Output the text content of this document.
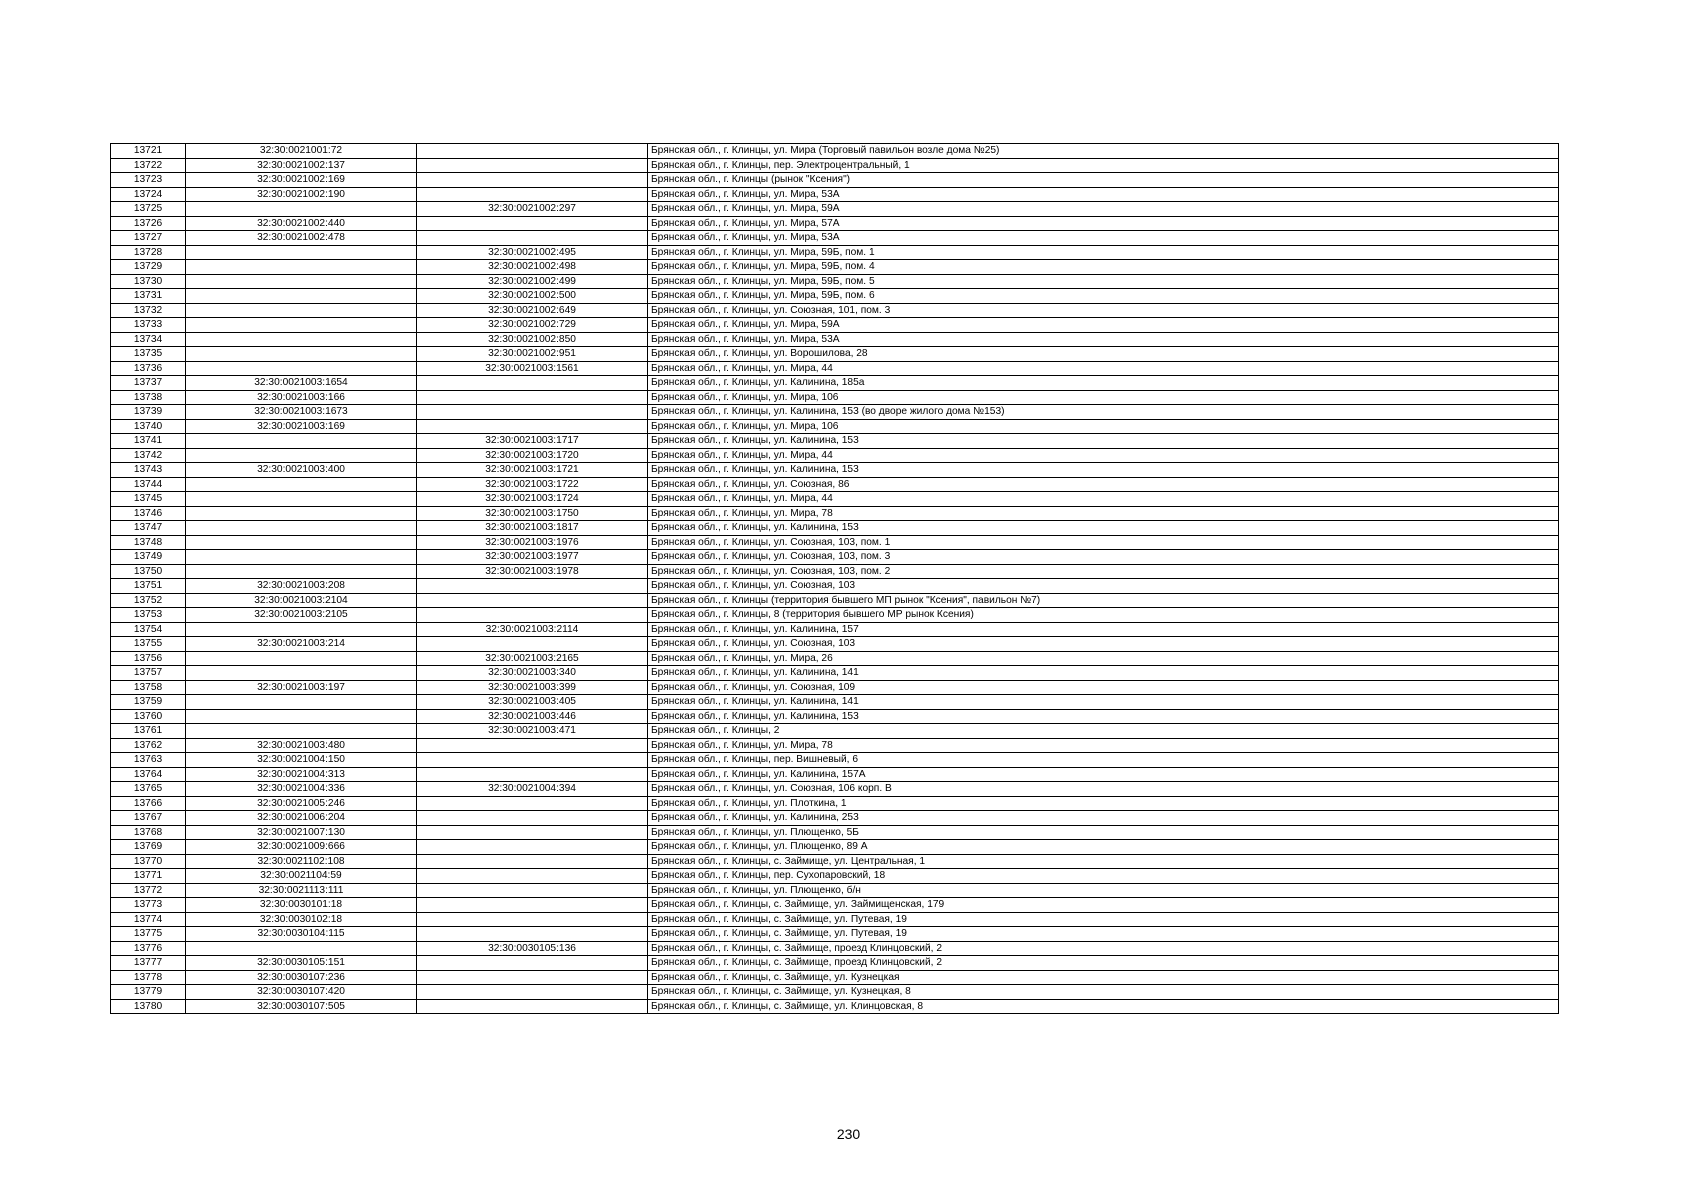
13721	32:30:0021001:72		Брянская обл., г. Клинцы, ул. Мира (Торговый павильон возле дома №25)
13722	32:30:0021002:137		Брянская обл., г. Клинцы, пер. Электроцентральный, 1
13723	32:30:0021002:169		Брянская обл., г. Клинцы (рынок "Ксения")
13724	32:30:0021002:190		Брянская обл., г. Клинцы, ул. Мира, 53А
13725		32:30:0021002:297	Брянская обл., г. Клинцы, ул. Мира, 59А
13726	32:30:0021002:440		Брянская обл., г. Клинцы, ул. Мира, 57А
13727	32:30:0021002:478		Брянская обл., г. Клинцы, ул. Мира, 53А
13728		32:30:0021002:495	Брянская обл., г. Клинцы, ул. Мира, 59Б, пом. 1
13729		32:30:0021002:498	Брянская обл., г. Клинцы, ул. Мира, 59Б, пом. 4
13730		32:30:0021002:499	Брянская обл., г. Клинцы, ул. Мира, 59Б, пом. 5
13731		32:30:0021002:500	Брянская обл., г. Клинцы, ул. Мира, 59Б, пом. 6
13732		32:30:0021002:649	Брянская обл., г. Клинцы, ул. Союзная, 101, пом. 3
13733		32:30:0021002:729	Брянская обл., г. Клинцы, ул. Мира, 59А
13734		32:30:0021002:850	Брянская обл., г. Клинцы, ул. Мира, 53А
13735		32:30:0021002:951	Брянская обл., г. Клинцы, ул. Ворошилова, 28
13736		32:30:0021003:1561	Брянская обл., г. Клинцы, ул. Мира, 44
13737	32:30:0021003:1654		Брянская обл., г. Клинцы, ул. Калинина, 185а
13738	32:30:0021003:166		Брянская обл., г. Клинцы, ул. Мира, 106
13739	32:30:0021003:1673		Брянская обл., г. Клинцы, ул. Калинина, 153 (во дворе жилого дома №153)
13740	32:30:0021003:169		Брянская обл., г. Клинцы, ул. Мира, 106
13741		32:30:0021003:1717	Брянская обл., г. Клинцы, ул. Калинина, 153
13742		32:30:0021003:1720	Брянская обл., г. Клинцы, ул. Мира, 44
13743	32:30:0021003:400	32:30:0021003:1721	Брянская обл., г. Клинцы, ул. Калинина, 153
13744		32:30:0021003:1722	Брянская обл., г. Клинцы, ул. Союзная, 86
13745		32:30:0021003:1724	Брянская обл., г. Клинцы, ул. Мира, 44
13746		32:30:0021003:1750	Брянская обл., г. Клинцы, ул. Мира, 78
13747		32:30:0021003:1817	Брянская обл., г. Клинцы, ул. Калинина, 153
13748		32:30:0021003:1976	Брянская обл., г. Клинцы, ул. Союзная, 103, пом. 1
13749		32:30:0021003:1977	Брянская обл., г. Клинцы, ул. Союзная, 103, пом. 3
13750		32:30:0021003:1978	Брянская обл., г. Клинцы, ул. Союзная, 103, пом. 2
13751	32:30:0021003:208		Брянская обл., г. Клинцы, ул. Союзная, 103
13752	32:30:0021003:2104		Брянская обл., г. Клинцы (территория бывшего МП рынок "Ксения", павильон №7)
13753	32:30:0021003:2105		Брянская обл., г. Клинцы, 8 (территория бывшего МР рынок Ксения)
13754		32:30:0021003:2114	Брянская обл., г. Клинцы, ул. Калинина, 157
13755	32:30:0021003:214		Брянская обл., г. Клинцы, ул. Союзная, 103
13756		32:30:0021003:2165	Брянская обл., г. Клинцы, ул. Мира, 26
13757		32:30:0021003:340	Брянская обл., г. Клинцы, ул. Калинина, 141
13758	32:30:0021003:197	32:30:0021003:399	Брянская обл., г. Клинцы, ул. Союзная, 109
13759		32:30:0021003:405	Брянская обл., г. Клинцы, ул. Калинина, 141
13760		32:30:0021003:446	Брянская обл., г. Клинцы, ул. Калинина, 153
13761		32:30:0021003:471	Брянская обл., г. Клинцы, 2
13762	32:30:0021003:480		Брянская обл., г. Клинцы, ул. Мира, 78
13763	32:30:0021004:150		Брянская обл., г. Клинцы, пер. Вишневый, 6
13764	32:30:0021004:313		Брянская обл., г. Клинцы, ул. Калинина, 157А
13765	32:30:0021004:336	32:30:0021004:394	Брянская обл., г. Клинцы, ул. Союзная, 106 корп. В
13766	32:30:0021005:246		Брянская обл., г. Клинцы, ул. Плоткина, 1
13767	32:30:0021006:204		Брянская обл., г. Клинцы, ул. Калинина, 253
13768	32:30:0021007:130		Брянская обл., г. Клинцы, ул. Плющенко, 5Б
13769	32:30:0021009:666		Брянская обл., г. Клинцы, ул. Плющенко, 89 А
13770	32:30:0021102:108		Брянская обл., г. Клинцы, с. Займище, ул. Центральная, 1
13771	32:30:0021104:59		Брянская обл., г. Клинцы, пер. Сухопаровский, 18
13772	32:30:0021113:111		Брянская обл., г. Клинцы, ул. Плющенко, б/н
13773	32:30:0030101:18		Брянская обл., г. Клинцы, с. Займище, ул. Займищенская, 179
13774	32:30:0030102:18		Брянская обл., г. Клинцы, с. Займище, ул. Путевая, 19
13775	32:30:0030104:115		Брянская обл., г. Клинцы, с. Займище, ул. Путевая, 19
13776		32:30:0030105:136	Брянская обл., г. Клинцы, с. Займище, проезд Клинцовский, 2
13777	32:30:0030105:151		Брянская обл., г. Клинцы, с. Займище, проезд Клинцовский, 2
13778	32:30:0030107:236		Брянская обл., г. Клинцы, с. Займище, ул. Кузнецкая
13779	32:30:0030107:420		Брянская обл., г. Клинцы, с. Займище, ул. Кузнецкая, 8
13780	32:30:0030107:505		Брянская обл., г. Клинцы, с. Займище, ул. Клинцовская, 8
230
